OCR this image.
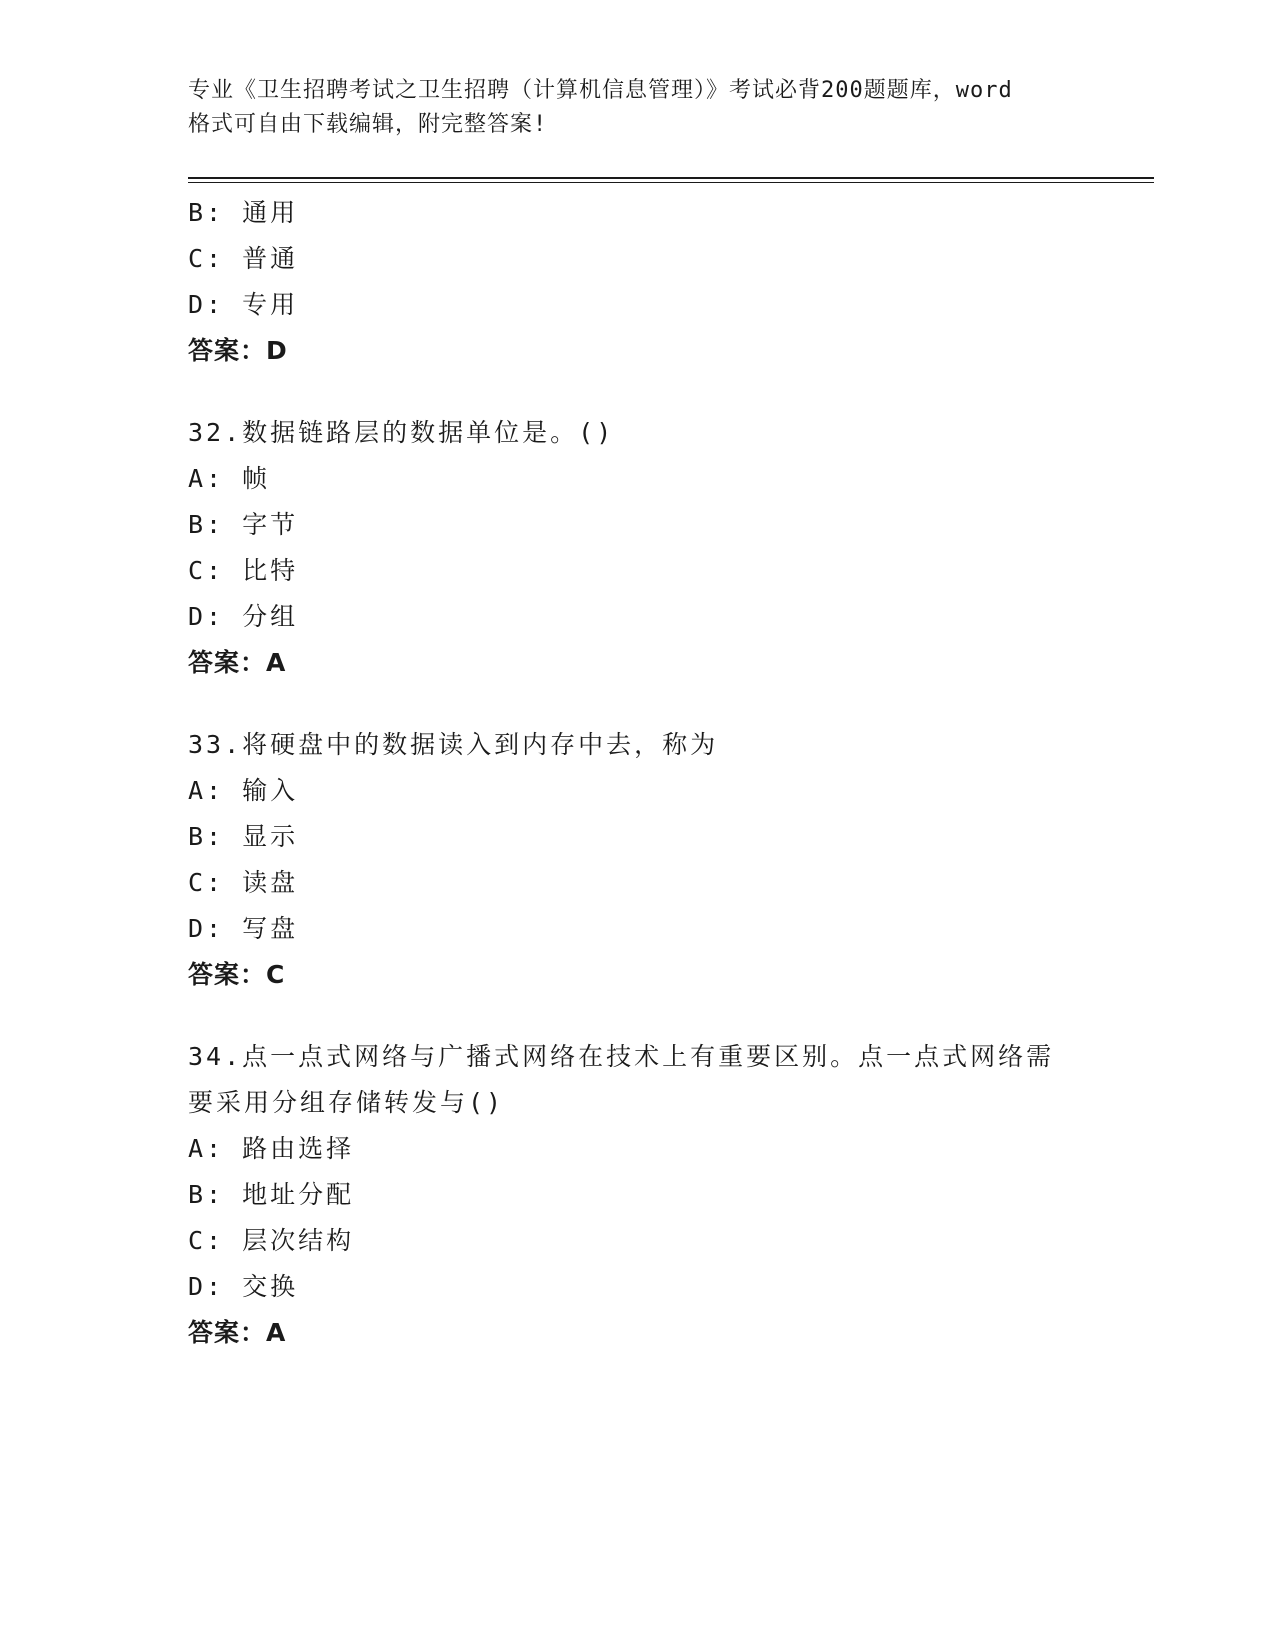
专业《卫生招聘考试之卫生招聘（计算机信息管理）》考试必背200题题库，word
格式可自由下载编辑，附完整答案!
B: 通用
C: 普通
D: 专用
答案：D
32.数据链路层的数据单位是。()
A: 帧
B: 字节
C: 比特
D: 分组
答案：A
33.将硬盘中的数据读入到内存中去，称为
A: 输入
B: 显示
C: 读盘
D: 写盘
答案：C
34.点一点式网络与广播式网络在技术上有重要区别。点一点式网络需
要采用分组存储转发与()
A: 路由选择
B: 地址分配
C: 层次结构
D: 交换
答案：A
